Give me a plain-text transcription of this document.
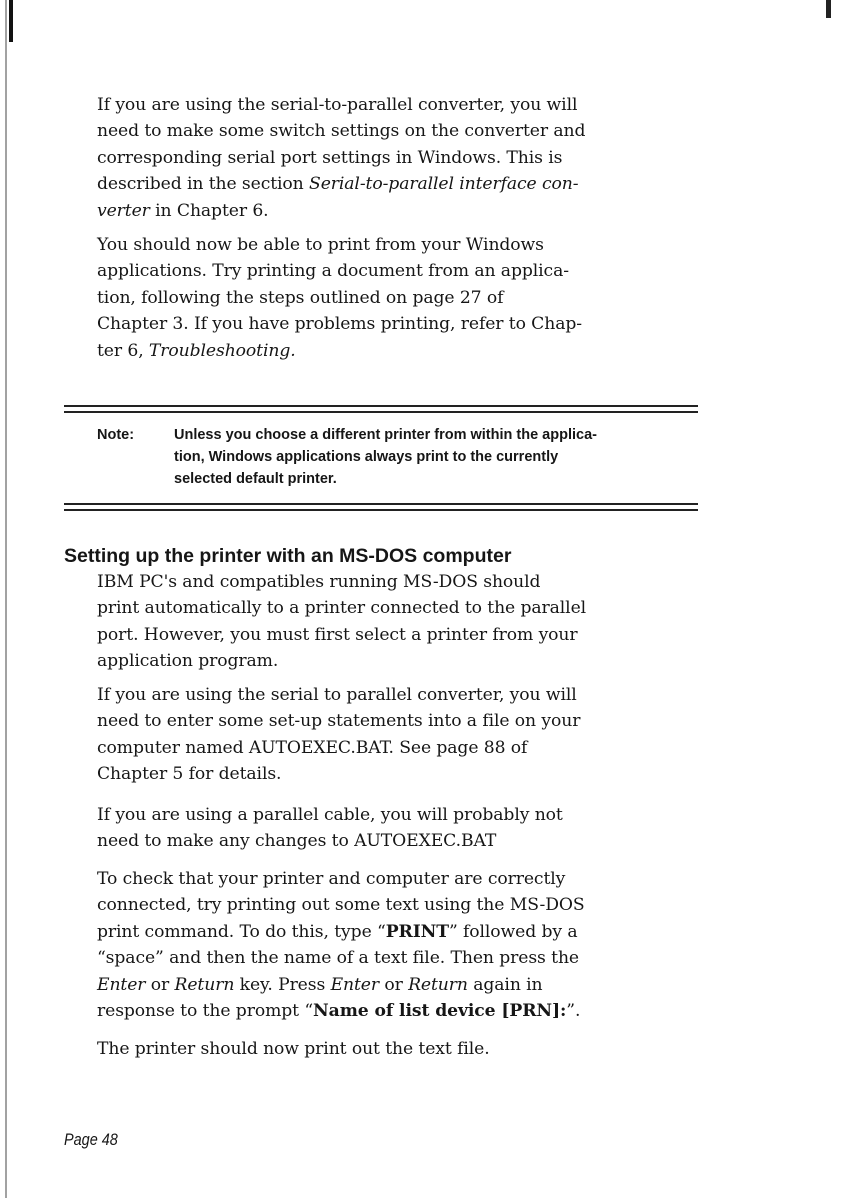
If you are using the serial-to-parallel converter, you will
need to make some switch settings on the converter and
corresponding serial port settings in Windows. This is
described in the section Serial-to-parallel interface con-
verter in Chapter 6.
You should now be able to print from your Windows
applications. Try printing a document from an applica-
tion, following the steps outlined on page 27 of
Chapter 3. If you have problems printing, refer to Chap-
ter 6, Troubleshooting.
IBM PC's and compatibles running MS-DOS should
print automatically to a printer connected to the parallel
port. However, you must first select a printer from your
application program.
If you are using the serial to parallel converter, you will
need to enter some set-up statements into a file on your
computer named AUTOEXEC.BAT. See page 88 of
Chapter 5 for details.
If you are using a parallel cable, you will probably not
need to make any changes to AUTOEXEC.BAT
To check that your printer and computer are correctly
connected, try printing out some text using the MS-DOS
print command. To do this, type “PRINT” followed by a
“space” and then the name of a text file. Then press the
Enter or Return key. Press Enter or Return again in
response to the prompt “Name of list device [PRN]:”.
The printer should now print out the text file.
Note:	Unless you choose a different printer from within the applica-
tion, Windows applications always print to the currently
selected default printer.
Setting up the printer with an MS-DOS computer
Page 48
